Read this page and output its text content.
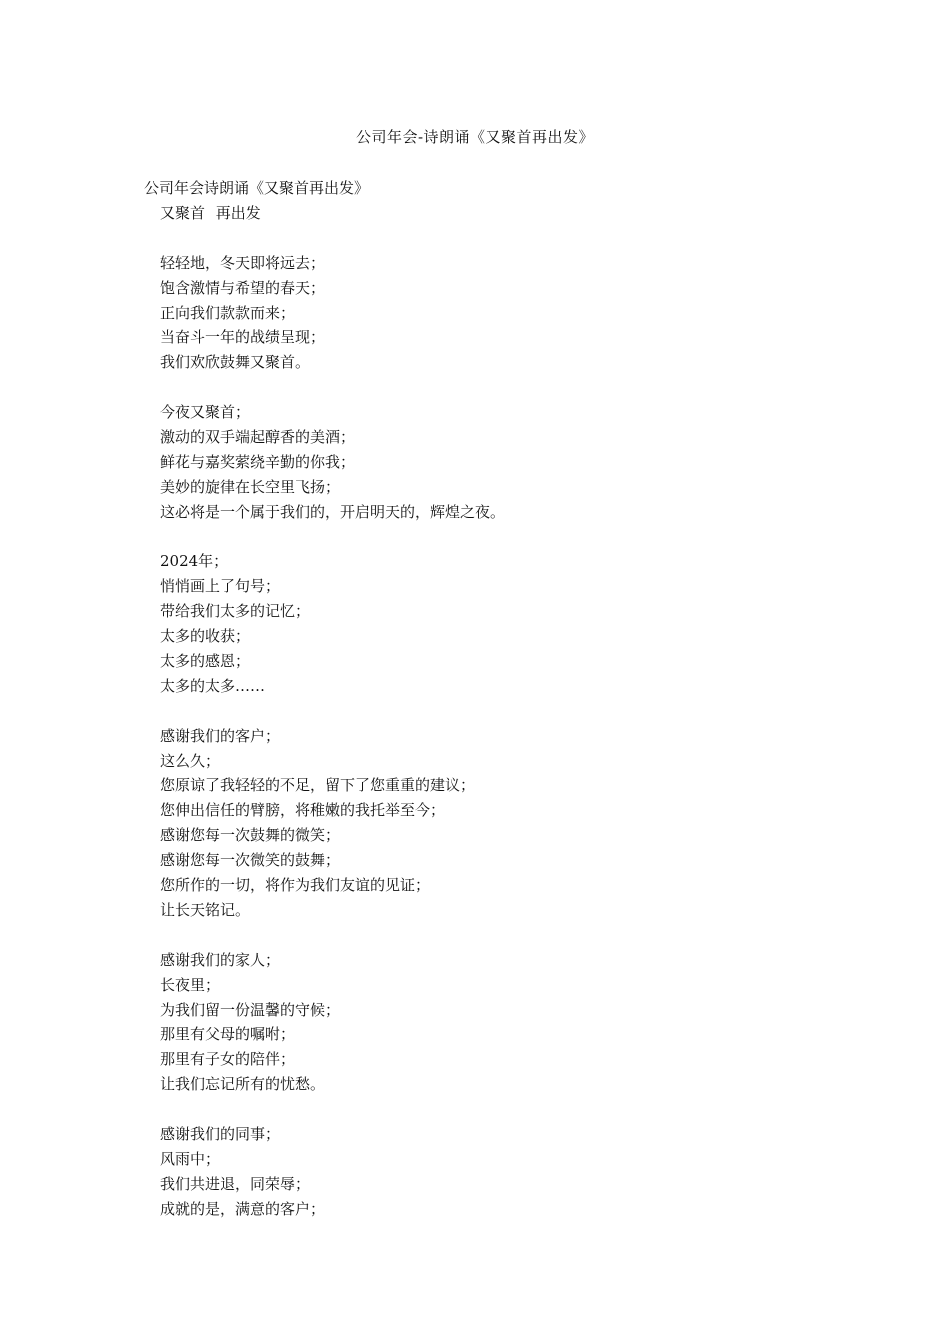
公司年会-诗朗诵《又聚首再出发》
公司年会诗朗诵《又聚首再出发》
又聚首 再出发
轻轻地，冬天即将远去；
饱含激情与希望的春天；
正向我们款款而来；
当奋斗一年的战绩呈现；
我们欢欣鼓舞又聚首。
今夜又聚首；
激动的双手端起醇香的美酒；
鲜花与嘉奖萦绕辛勤的你我；
美妙的旋律在长空里飞扬；
这必将是一个属于我们的，开启明天的，辉煌之夜。
2024年；
悄悄画上了句号；
带给我们太多的记忆；
太多的收获；
太多的感恩；
太多的太多……
感谢我们的客户；
这么久；
您原谅了我轻轻的不足，留下了您重重的建议；
您伸出信任的臂膀，将稚嫩的我托举至今；
感谢您每一次鼓舞的微笑；
感谢您每一次微笑的鼓舞；
您所作的一切，将作为我们友谊的见证；
让长天铭记。
感谢我们的家人；
长夜里；
为我们留一份温馨的守候；
那里有父母的嘱咐；
那里有子女的陪伴；
让我们忘记所有的忧愁。
感谢我们的同事；
风雨中；
我们共进退，同荣辱；
成就的是，满意的客户；
